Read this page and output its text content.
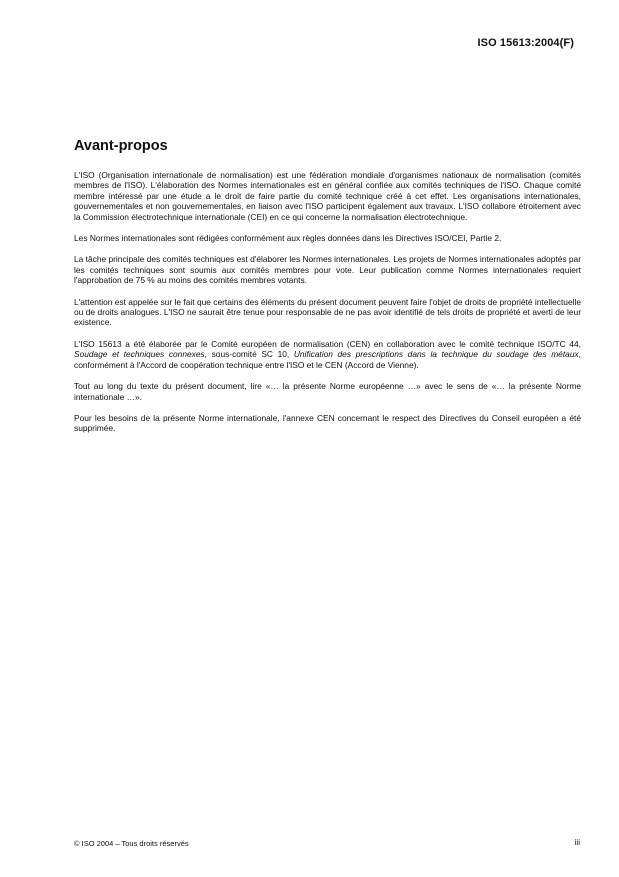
ISO 15613:2004(F)

Avant-propos

L'ISO (Organisation internationale de normalisation) est une fédération mondiale d'organismes nationaux de normalisation (comités membres de l'ISO). L'élaboration des Normes internationales est en général confiée aux comités techniques de l'ISO. Chaque comité membre intéressé par une étude a le droit de faire partie du comité technique créé à cet effet. Les organisations internationales, gouvernementales et non gouvernementales, en liaison avec l'ISO participent également aux travaux. L'ISO collabore étroitement avec la Commission électrotechnique internationale (CEI) en ce qui concerne la normalisation électrotechnique.

Les Normes internationales sont rédigées conformément aux règles données dans les Directives ISO/CEI, Partie 2.

La tâche principale des comités techniques est d'élaborer les Normes internationales. Les projets de Normes internationales adoptés par les comités techniques sont soumis aux comités membres pour vote. Leur publication comme Normes internationales requiert l'approbation de 75 % au moins des comités membres votants.

L'attention est appelée sur le fait que certains des éléments du présent document peuvent faire l'objet de droits de propriété intellectuelle ou de droits analogues. L'ISO ne saurait être tenue pour responsable de ne pas avoir identifié de tels droits de propriété et averti de leur existence.

L'ISO 15613 a été élaborée par le Comité européen de normalisation (CEN) en collaboration avec le comité technique ISO/TC 44, Soudage et techniques connexes, sous-comité SC 10, Unification des prescriptions dans la technique du soudage des métaux, conformément à l'Accord de coopération technique entre l'ISO et le CEN (Accord de Vienne).

Tout au long du texte du présent document, lire «… la présente Norme européenne …» avec le sens de «… la présente Norme internationale …».

Pour les besoins de la présente Norme internationale, l'annexe CEN concernant le respect des Directives du Conseil européen a été supprimée.

© ISO 2004 – Tous droits réservés	iii
